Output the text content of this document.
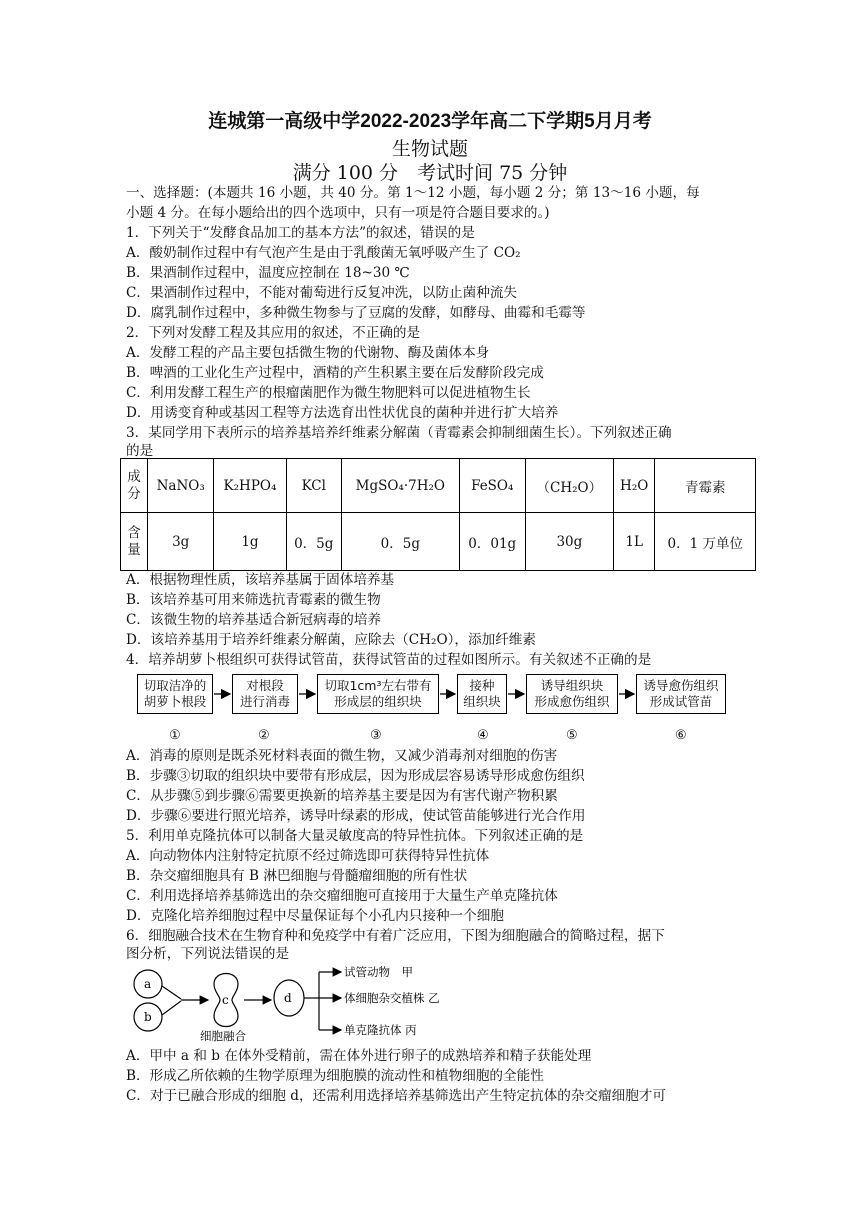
连城第一高级中学2022-2023学年高二下学期5月月考
生物试题
满分 100 分　考试时间 75 分钟
一、选择题：(本题共 16 小题，共 40 分。第 1～12 小题，每小题 2 分；第 13～16 小题，每
小题 4 分。在每小题给出的四个选项中，只有一项是符合题目要求的。)
1．下列关于“发酵食品加工的基本方法”的叙述，错误的是
A．酸奶制作过程中有气泡产生是由于乳酸菌无氧呼吸产生了 CO₂
B．果酒制作过程中，温度应控制在 18~30 ℃
C．果酒制作过程中，不能对葡萄进行反复冲洗，以防止菌种流失
D．腐乳制作过程中，多种微生物参与了豆腐的发酵，如酵母、曲霉和毛霉等
2．下列对发酵工程及其应用的叙述，不正确的是
A．发酵工程的产品主要包括微生物的代谢物、酶及菌体本身
B．啤酒的工业化生产过程中，酒精的产生积累主要在后发酵阶段完成
C．利用发酵工程生产的根瘤菌肥作为微生物肥料可以促进植物生长
D．用诱变育种或基因工程等方法选育出性状优良的菌种并进行扩大培养
3．某同学用下表所示的培养基培养纤维素分解菌（青霉素会抑制细菌生长）。下列叙述正确
的是
成分	NaNO₃	K₂HPO₄	KCl	MgSO₄·7H₂O	FeSO₄	（CH₂O）	H₂O	青霉素
含量	3g	1g	0．5g	0．5g	0．01g	30g	1L	0．1 万单位
A．根据物理性质，该培养基属于固体培养基
B．该培养基可用来筛选抗青霉素的微生物
C．该微生物的培养基适合新冠病毒的培养
D．该培养基用于培养纤维素分解菌，应除去（CH₂O），添加纤维素
4．培养胡萝卜根组织可获得试管苗，获得试管苗的过程如图所示。有关叙述不正确的是
切取洁净的
胡萝卜根段
对根段
进行消毒
切取1cm³左右带有
形成层的组织块
接种
组织块
诱导组织块
形成愈伤组织
诱导愈伤组织
形成试管苗
①	②	③	④	⑤	⑥
A．消毒的原则是既杀死材料表面的微生物，又减少消毒剂对细胞的伤害
B．步骤③切取的组织块中要带有形成层，因为形成层容易诱导形成愈伤组织
C．从步骤⑤到步骤⑥需要更换新的培养基主要是因为有害代谢产物积累
D．步骤⑥要进行照光培养，诱导叶绿素的形成，使试管苗能够进行光合作用
5．利用单克隆抗体可以制备大量灵敏度高的特异性抗体。下列叙述正确的是
A．向动物体内注射特定抗原不经过筛选即可获得特异性抗体
B．杂交瘤细胞具有 B 淋巴细胞与骨髓瘤细胞的所有性状
C．利用选择培养基筛选出的杂交瘤细胞可直接用于大量生产单克隆抗体
D．克隆化培养细胞过程中尽量保证每个小孔内只接种一个细胞
6．细胞融合技术在生物育种和免疫学中有着广泛应用，下图为细胞融合的简略过程，据下
图分析，下列说法错误的是
a
b
c	d
试管动物　甲
体细胞杂交植株 乙
单克隆抗体 丙
细胞融合
A．甲中 a 和 b 在体外受精前，需在体外进行卵子的成熟培养和精子获能处理
B．形成乙所依赖的生物学原理为细胞膜的流动性和植物细胞的全能性
C．对于已融合形成的细胞 d，还需利用选择培养基筛选出产生特定抗体的杂交瘤细胞才可
